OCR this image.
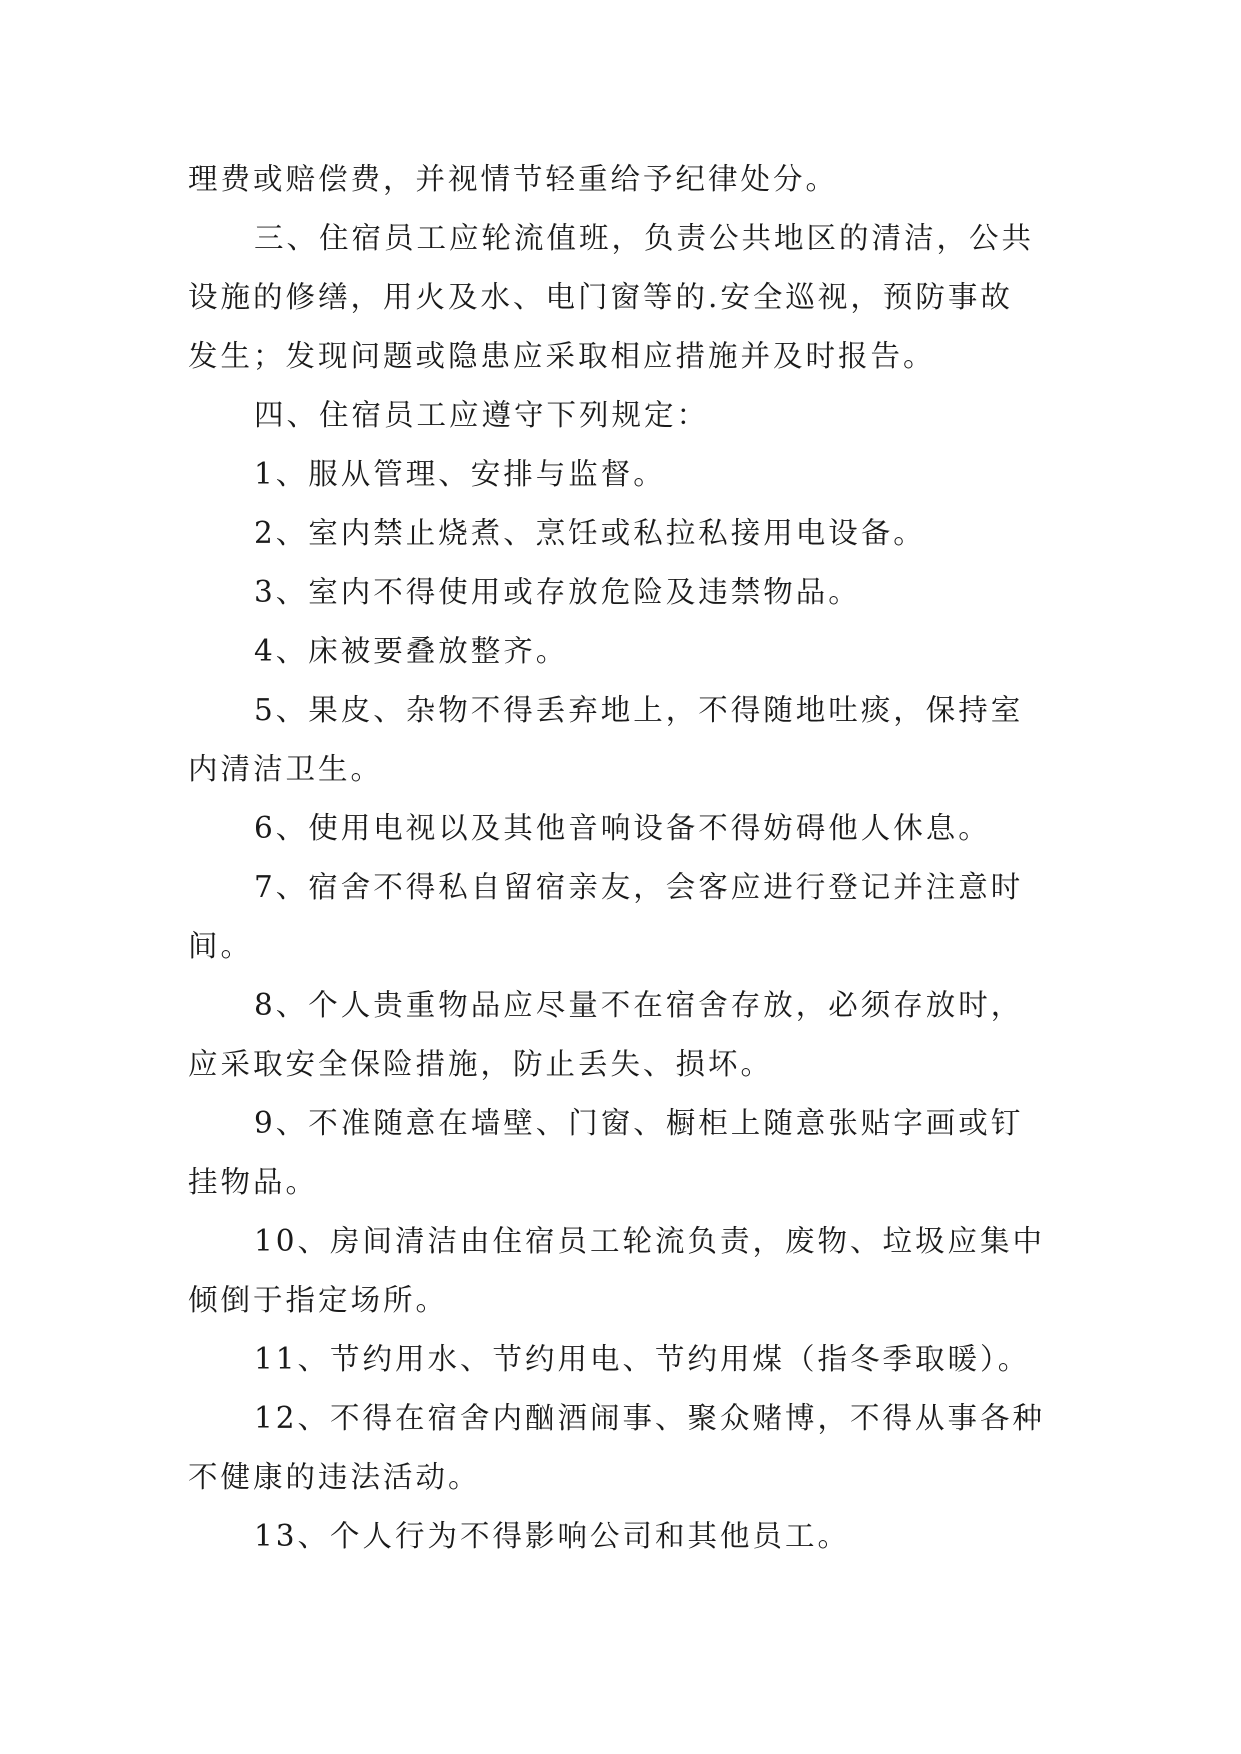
理费或赔偿费，并视情节轻重给予纪律处分。

三、住宿员工应轮流值班，负责公共地区的清洁，公共

设施的修缮，用火及水、电门窗等的.安全巡视，预防事故

发生；发现问题或隐患应采取相应措施并及时报告。

四、住宿员工应遵守下列规定：

1、服从管理、安排与监督。

2、室内禁止烧煮、烹饪或私拉私接用电设备。

3、室内不得使用或存放危险及违禁物品。

4、床被要叠放整齐。

5、果皮、杂物不得丢弃地上，不得随地吐痰，保持室

内清洁卫生。

6、使用电视以及其他音响设备不得妨碍他人休息。

7、宿舍不得私自留宿亲友，会客应进行登记并注意时

间。

8、个人贵重物品应尽量不在宿舍存放，必须存放时，

应采取安全保险措施，防止丢失、损坏。

9、不准随意在墙壁、门窗、橱柜上随意张贴字画或钉

挂物品。

10、房间清洁由住宿员工轮流负责，废物、垃圾应集中

倾倒于指定场所。

11、节约用水、节约用电、节约用煤（指冬季取暖）。

12、不得在宿舍内酗酒闹事、聚众赌博，不得从事各种

不健康的违法活动。

13、个人行为不得影响公司和其他员工。
